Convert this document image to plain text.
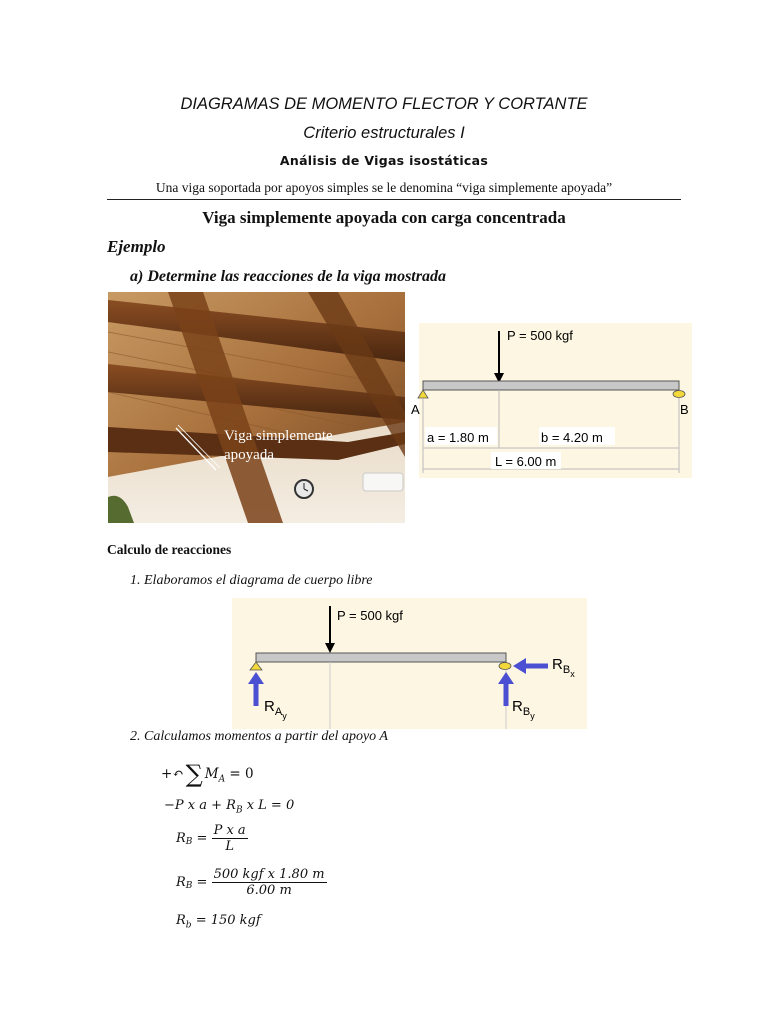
DIAGRAMAS DE MOMENTO FLECTOR Y CORTANTE
Criterio estructurales I
Análisis de Vigas isostáticas
Una viga soportada por apoyos simples se le denomina “viga simplemente apoyada”
Viga simplemente apoyada con carga concentrada
Ejemplo
a) Determine las reacciones de la viga mostrada
Viga simplemente
apoyada
P = 500 kgf
A	B
a = 1.80 m	b = 4.20 m
L = 6.00 m
Calculo de reacciones
1. Elaboramos el diagrama de cuerpo libre
P = 500 kgf
$R_{Ay}$
$R_{By}$
$R_{Bx}$
2. Calculamos momentos a partir del apoyo A
+↶∑ $M_A = 0$
−P x $a + R_B$ x L = 0
$R_B = \frac{\text{P x a}}{L}$
$R_B$ =
500 kgf x 1.80 m
6.00 m
$R_b = 150$ kgf
